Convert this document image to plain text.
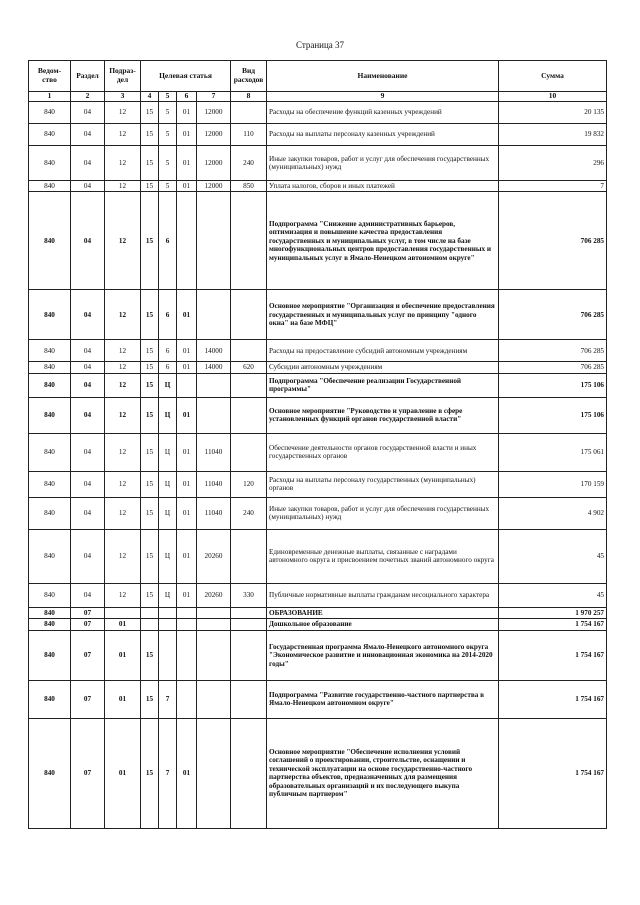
Страница 37
Ведом-ство	Раздел	Подраз-дел	Целевая статья				Вид расходов	Наименование	Сумма
1	2	3	4	5	6	7	8	9	10
840	04	12	15	5	01	12000		Расходы на обеспечение функций казенных учреждений	20 135
840	04	12	15	5	01	12000	110	Расходы на выплаты персоналу казенных учреждений	19 832
840	04	12	15	5	01	12000	240	Иные закупки товаров, работ и услуг для обеспечения государственных (муниципальных) нужд	296
840	04	12	15	5	01	12000	850	Уплата налогов, сборов и иных платежей	7
840	04	12	15	6				Подпрограмма "Снижение административных барьеров, оптимизация и повышение качества предоставления государственных и муниципальных услуг, в том числе на базе многофункциональных центров предоставления государственных и муниципальных услуг в Ямало-Ненецком автономном округе"	706 285
840	04	12	15	6	01			Основное мероприятие "Организация и обеспечение предоставления государственных и муниципальных услуг по принципу "одного окна" на базе МФЦ"	706 285
840	04	12	15	6	01	14000		Расходы на предоставление субсидий автономным учреждениям	706 285
840	04	12	15	6	01	14000	620	Субсидии автономным учреждениям	706 285
840	04	12	15	Ц				Подпрограмма "Обеспечение реализации Государственной программы"	175 106
840	04	12	15	Ц	01			Основное мероприятие "Руководство и управление в сфере установленных функций органов государственной власти"	175 106
840	04	12	15	Ц	01	11040		Обеспечение деятельности органов государственной власти и иных государственных органов	175 061
840	04	12	15	Ц	01	11040	120	Расходы на выплаты персоналу государственных (муниципальных) органов	170 159
840	04	12	15	Ц	01	11040	240	Иные закупки товаров, работ и услуг для обеспечения государственных (муниципальных) нужд	4 902
840	04	12	15	Ц	01	20260		Единовременные денежные выплаты, связанные с наградами автономного округа и присвоением почетных званий автономного округа	45
840	04	12	15	Ц	01	20260	330	Публичные нормативные выплаты гражданам несоциального характера	45
840	07							ОБРАЗОВАНИЕ	1 970 257
840	07	01						Дошкольное образование	1 754 167
840	07	01	15					Государственная программа Ямало-Ненецкого автономного округа "Экономическое развитие и инновационная экономика на 2014-2020 годы"	1 754 167
840	07	01	15	7				Подпрограмма "Развитие государственно-частного партнерства в Ямало-Ненецком автономном округе"	1 754 167
840	07	01	15	7	01			Основное мероприятие "Обеспечение исполнения условий соглашений о проектировании, строительстве, оснащении и технической эксплуатации на основе государственно-частного партнерства объектов, предназначенных для размещения образовательных организаций и их последующего выкупа публичным партнером"	1 754 167
